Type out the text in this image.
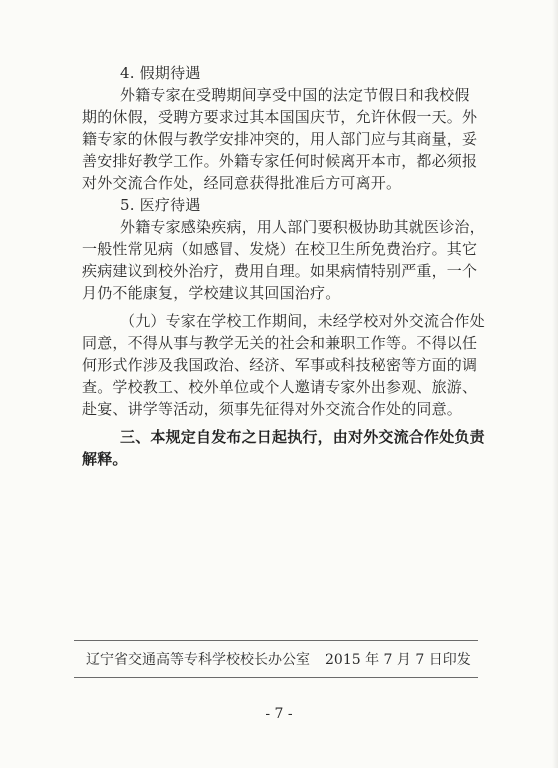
4. 假期待遇
外籍专家在受聘期间享受中国的法定节假日和我校假
期的休假，受聘方要求过其本国国庆节，允许休假一天。外
籍专家的休假与教学安排冲突的，用人部门应与其商量，妥
善安排好教学工作。外籍专家任何时候离开本市，都必须报
对外交流合作处，经同意获得批准后方可离开。
5. 医疗待遇
外籍专家感染疾病，用人部门要积极协助其就医诊治，
一般性常见病（如感冒、发烧）在校卫生所免费治疗。其它
疾病建议到校外治疗，费用自理。如果病情特别严重，一个
月仍不能康复，学校建议其回国治疗。
（九）专家在学校工作期间，未经学校对外交流合作处
同意，不得从事与教学无关的社会和兼职工作等。不得以任
何形式作涉及我国政治、经济、军事或科技秘密等方面的调
查。学校教工、校外单位或个人邀请专家外出参观、旅游、
赴宴、讲学等活动，须事先征得对外交流合作处的同意。
三、本规定自发布之日起执行，由对外交流合作处负责
解释。
辽宁省交通高等专科学校校长办公室 2015 年 7 月 7 日印发
- 7 -
